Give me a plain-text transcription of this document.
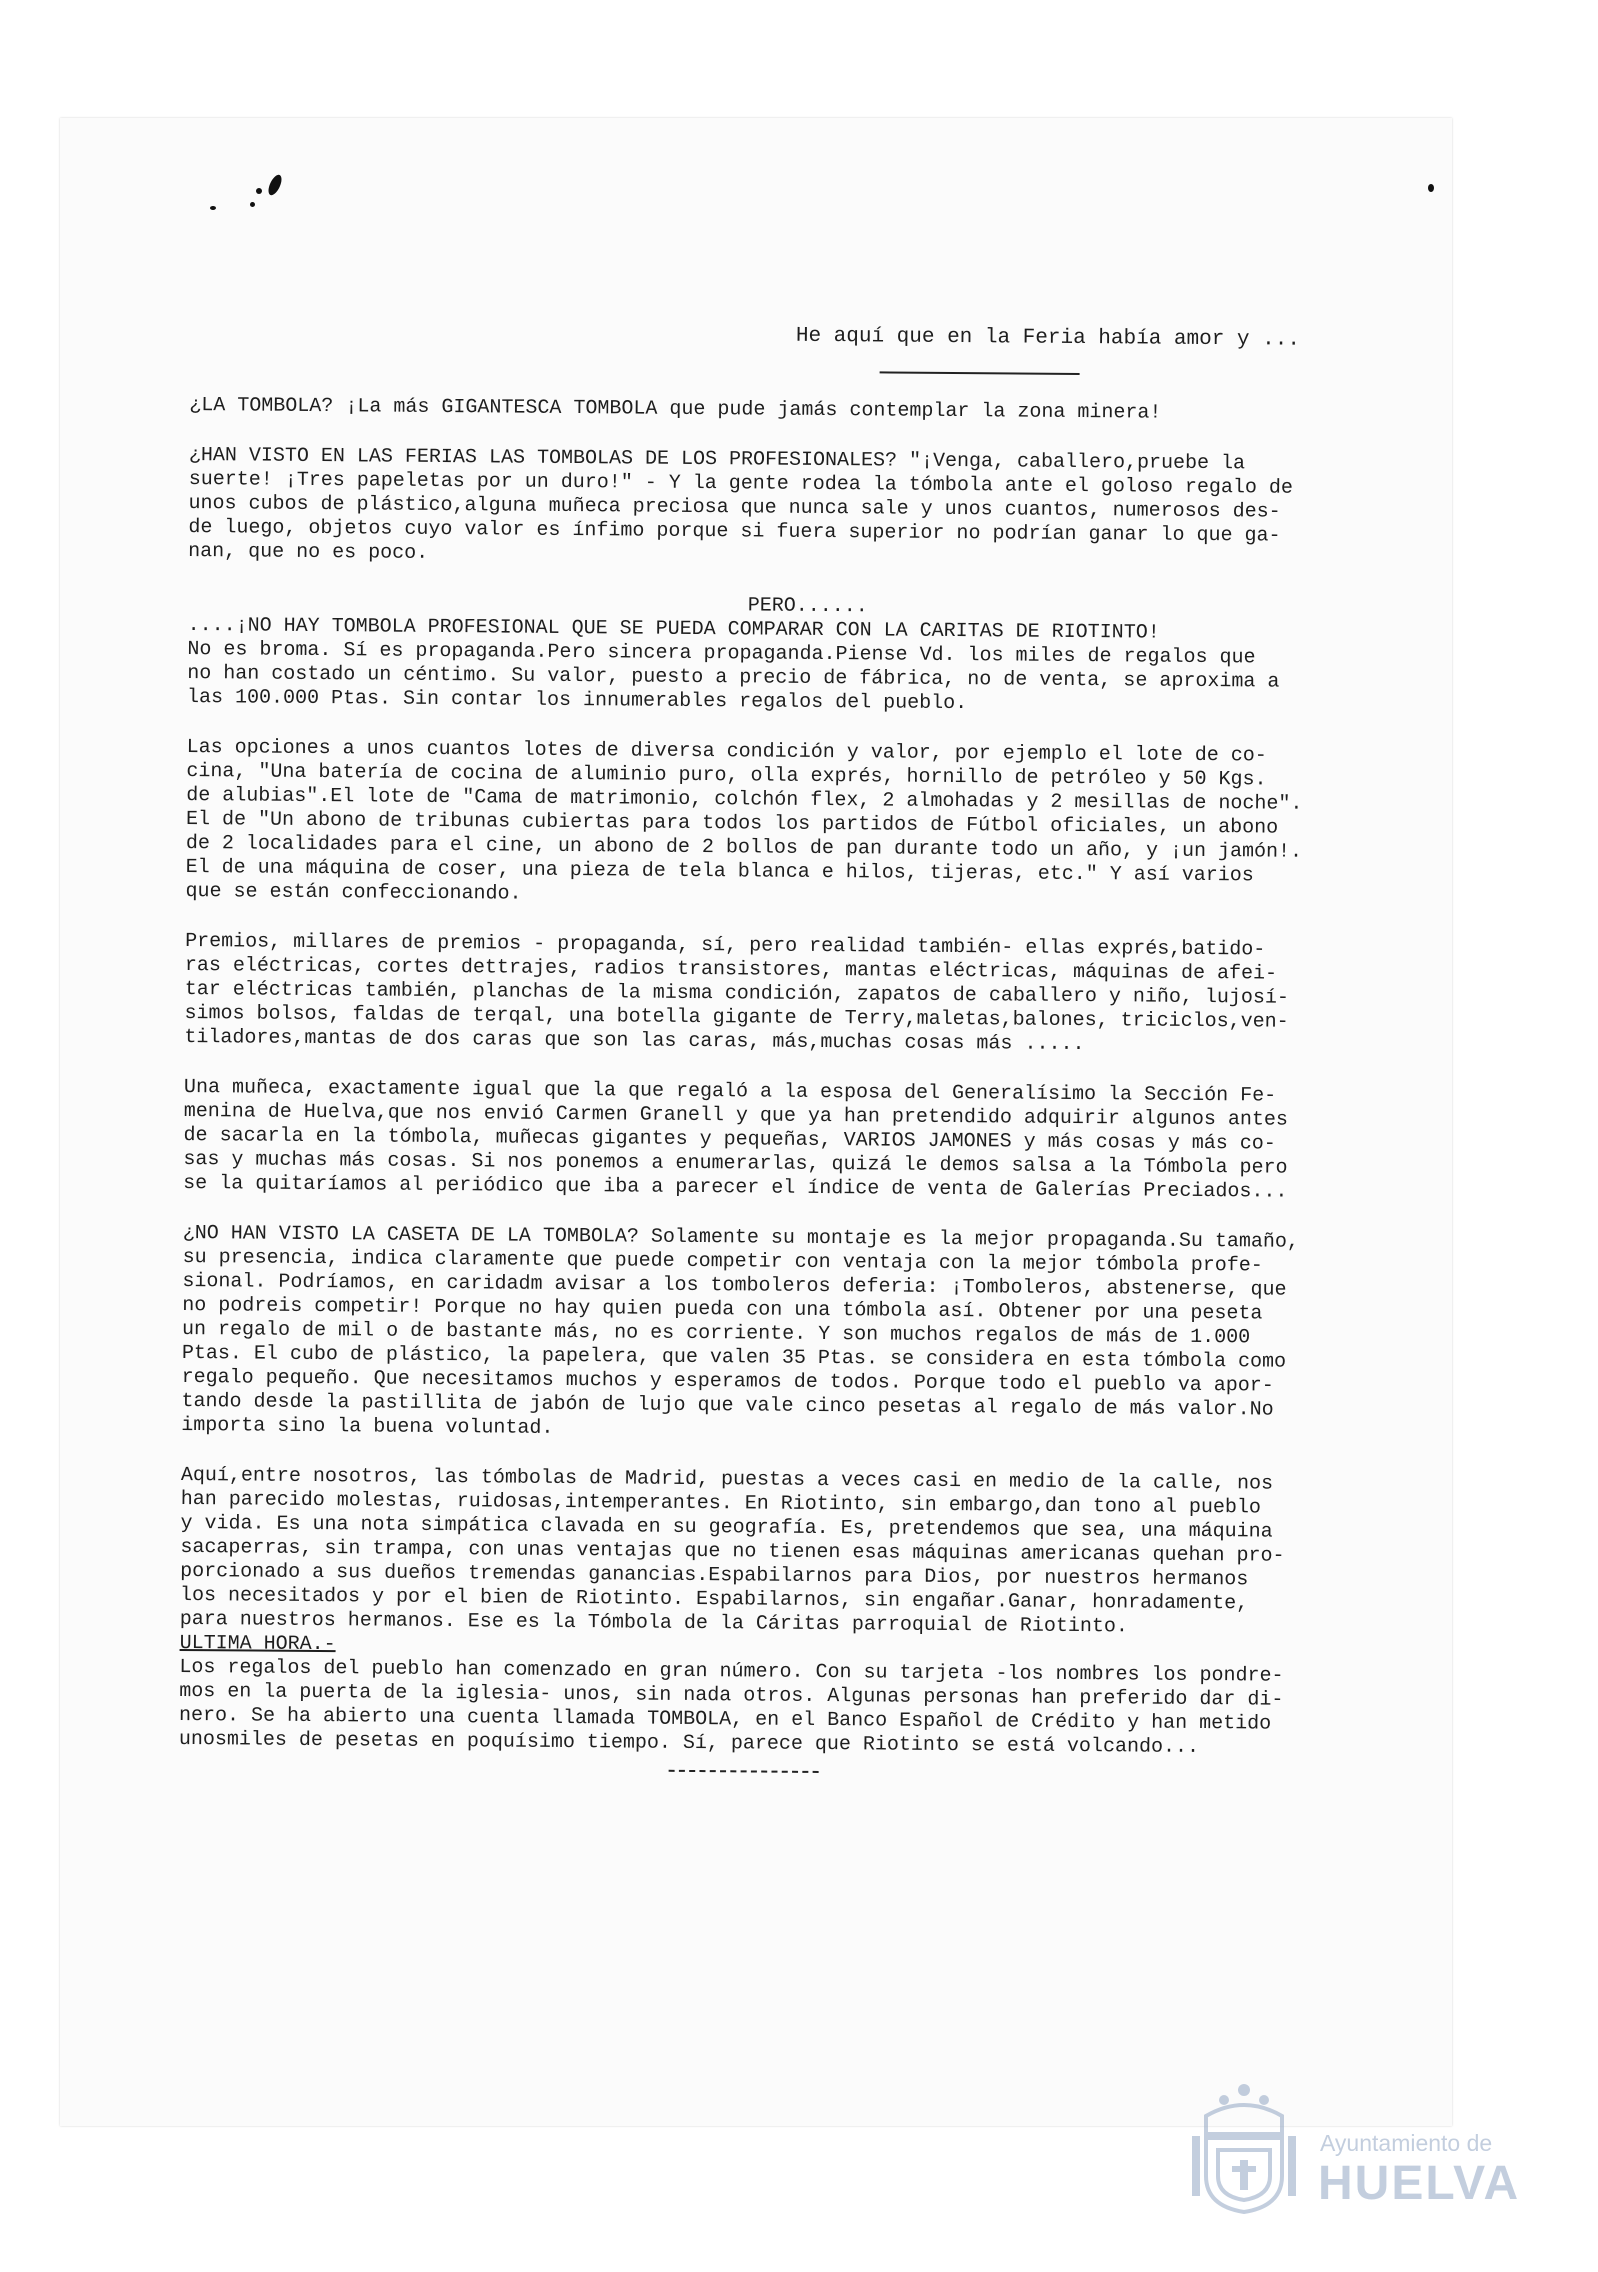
He aquí que en la Feria había amor y ...

¿LA TOMBOLA? ¡La más GIGANTESCA TOMBOLA que pude jamás contemplar la zona minera!

¿HAN VISTO EN LAS FERIAS LAS TOMBOLAS DE LOS PROFESIONALES? "¡Venga, caballero,pruebe la
suerte! ¡Tres papeletas por un duro!" - Y la gente rodea la tómbola ante el goloso regalo de
unos cubos de plástico,alguna muñeca preciosa que nunca sale y unos cuantos, numerosos des-
de luego, objetos cuyo valor es ínfimo porque si fuera superior no podrían ganar lo que ga-
nan, que no es poco.

PERO......

....¡NO HAY TOMBOLA PROFESIONAL QUE SE PUEDA COMPARAR CON LA CARITAS DE RIOTINTO!
No es broma. Sí es propaganda.Pero sincera propaganda.Piense Vd. los miles de regalos que
no han costado un céntimo. Su valor, puesto a precio de fábrica, no de venta, se aproxima a
las 100.000 Ptas. Sin contar los innumerables regalos del pueblo.

Las opciones a unos cuantos lotes de diversa condición y valor, por ejemplo el lote de co-
cina, "Una batería de cocina de aluminio puro, olla exprés, hornillo de petróleo y 50 Kgs.
de alubias".El lote de "Cama de matrimonio, colchón flex, 2 almohadas y 2 mesillas de noche".
El de "Un abono de tribunas cubiertas para todos los partidos de Fútbol oficiales, un abono
de 2 localidades para el cine, un abono de 2 bollos de pan durante todo un año, y ¡un jamón!.
El de una máquina de coser, una pieza de tela blanca e hilos, tijeras, etc." Y así varios
que se están confeccionando.

Premios, millares de premios - propaganda, sí, pero realidad también- ellas exprés,batido-
ras eléctricas, cortes dettrajes, radios transistores, mantas eléctricas, máquinas de afei-
tar eléctricas también, planchas de la misma condición, zapatos de caballero y niño, lujosí-
simos bolsos, faldas de terqal, una botella gigante de Terry,maletas,balones, triciclos,ven-
tiladores,mantas de dos caras que son las caras, más,muchas cosas más .....

Una muñeca, exactamente igual que la que regaló a la esposa del Generalísimo la Sección Fe-
menina de Huelva,que nos envió Carmen Granell y que ya han pretendido adquirir algunos antes
de sacarla en la tómbola, muñecas gigantes y pequeñas, VARIOS JAMONES y más cosas y más co-
sas y muchas más cosas. Si nos ponemos a enumerarlas, quizá le demos salsa a la Tómbola pero
se la quitaríamos al periódico que iba a parecer el índice de venta de Galerías Preciados...

¿NO HAN VISTO LA CASETA DE LA TOMBOLA? Solamente su montaje es la mejor propaganda.Su tamaño,
su presencia, indica claramente que puede competir con ventaja con la mejor tómbola profe-
sional. Podríamos, en caridadm avisar a los tomboleros deferia: ¡Tomboleros, abstenerse, que
no podreis competir! Porque no hay quien pueda con una tómbola así. Obtener por una peseta
un regalo de mil o de bastante más, no es corriente. Y son muchos regalos de más de 1.000
Ptas. El cubo de plástico, la papelera, que valen 35 Ptas. se considera en esta tómbola como
regalo pequeño. Que necesitamos muchos y esperamos de todos. Porque todo el pueblo va apor-
tando desde la pastillita de jabón de lujo que vale cinco pesetas al regalo de más valor.No
importa sino la buena voluntad.

Aquí,entre nosotros, las tómbolas de Madrid, puestas a veces casi en medio de la calle, nos
han parecido molestas, ruidosas,intemperantes. En Riotinto, sin embargo,dan tono al pueblo
y vida. Es una nota simpática clavada en su geografía. Es, pretendemos que sea, una máquina
sacaperras, sin trampa, con unas ventajas que no tienen esas máquinas americanas quehan pro-
porcionado a sus dueños tremendas ganancias.Espabilarnos para Dios, por nuestros hermanos
los necesitados y por el bien de Riotinto. Espabilarnos, sin engañar.Ganar, honradamente,
para nuestros hermanos. Ese es la Tómbola de la Cáritas parroquial de Riotinto.

ULTIMA HORA.-

Los regalos del pueblo han comenzado en gran número. Con su tarjeta -los nombres los pondre-
mos en la puerta de la iglesia- unos, sin nada otros. Algunas personas han preferido dar di-
nero. Se ha abierto una cuenta llamada TOMBOLA, en el Banco Español de Crédito y han metido
unosmiles de pesetas en poquísimo tiempo. Sí, parece que Riotinto se está volcando...

Ayuntamiento de
HUELVA
